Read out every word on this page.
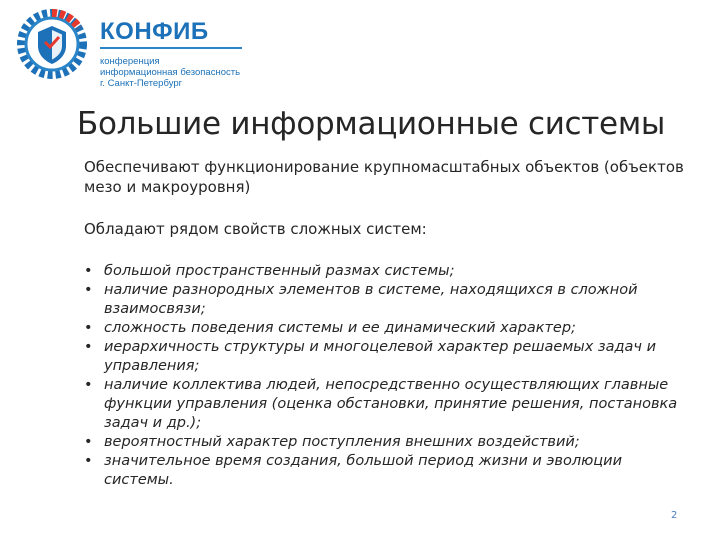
КОНФИБ
конференция
информационная безопасность
г. Санкт-Петербург
Большие информационные системы
Обеспечивают функционирование крупномасштабных объектов (объектов мезо и макроуровня)
Обладают рядом свойств сложных систем:
• большой пространственный размах системы;
• наличие разнородных элементов в системе, находящихся в сложной взаимосвязи;
• сложность поведения системы и ее динамический характер;
• иерархичность структуры и многоцелевой характер решаемых задач и управления;
• наличие коллектива людей, непосредственно осуществляющих главные функции управления (оценка обстановки, принятие решения, постановка задач и др.);
• вероятностный характер поступления внешних воздействий;
• значительное время создания, большой период жизни и эволюции системы.
2
